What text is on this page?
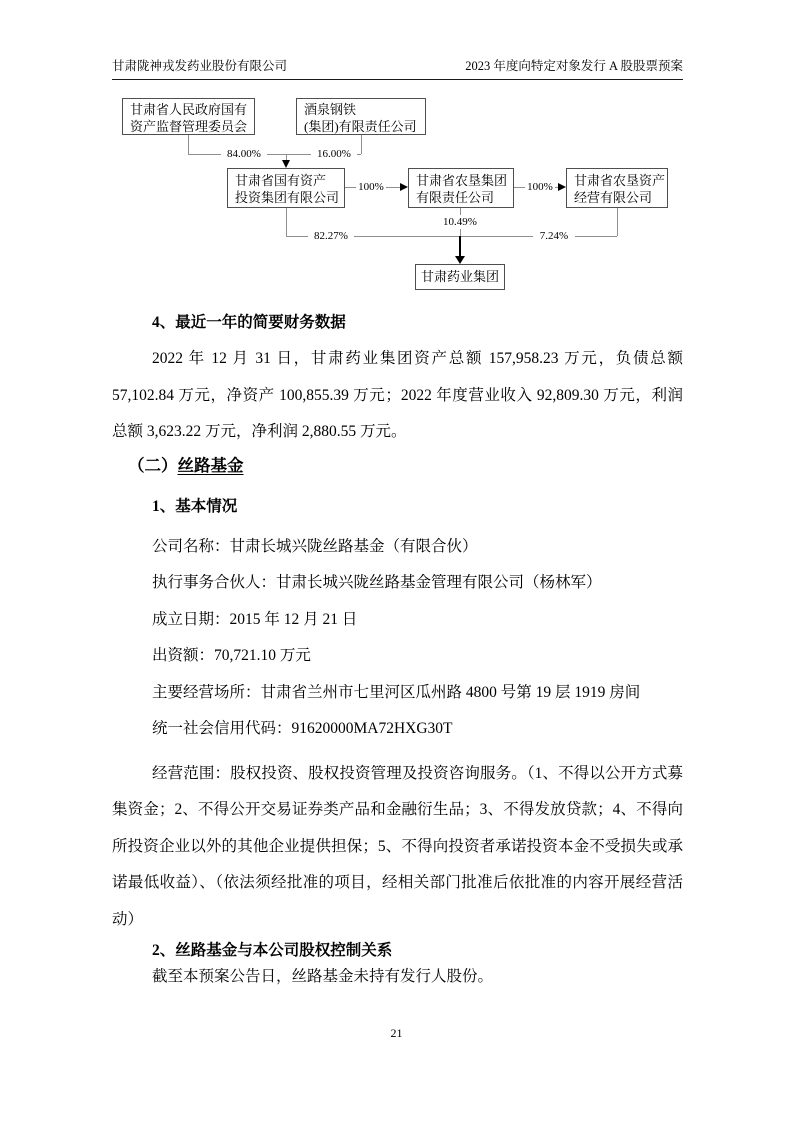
甘肃陇神戎发药业股份有限公司	2023 年度向特定对象发行 A 股股票预案
甘肃省人民政府国有
资产监督管理委员会
酒泉钢铁
(集团)有限责任公司
84.00%	16.00%
甘肃省国有资产
投资集团有限公司
甘肃省农垦集团
有限责任公司
甘肃省农垦资产
经营有限公司
100%	100%
10.49%
82.27%	7.24%
甘肃药业集团
4、最近一年的简要财务数据

2022 年 12 月 31 日，甘肃药业集团资产总额 157,958.23 万元，负债总额 57,102.84 万元，净资产 100,855.39 万元；2022 年度营业收入 92,809.30 万元，利润总额 3,623.22 万元，净利润 2,880.55 万元。

（二）丝路基金
1、基本情况

公司名称：甘肃长城兴陇丝路基金（有限合伙）

执行事务合伙人：甘肃长城兴陇丝路基金管理有限公司（杨林军）

成立日期：2015 年 12 月 21 日

出资额：70,721.10 万元

主要经营场所：甘肃省兰州市七里河区瓜州路 4800 号第 19 层 1919 房间

统一社会信用代码：91620000MA72HXG30T

经营范围：股权投资、股权投资管理及投资咨询服务。（1、不得以公开方式募集资金；2、不得公开交易证券类产品和金融衍生品；3、不得发放贷款；4、不得向所投资企业以外的其他企业提供担保；5、不得向投资者承诺投资本金不受损失或承诺最低收益）、（依法须经批准的项目，经相关部门批准后依批准的内容开展经营活动）

2、丝路基金与本公司股权控制关系

截至本预案公告日，丝路基金未持有发行人股份。

21
